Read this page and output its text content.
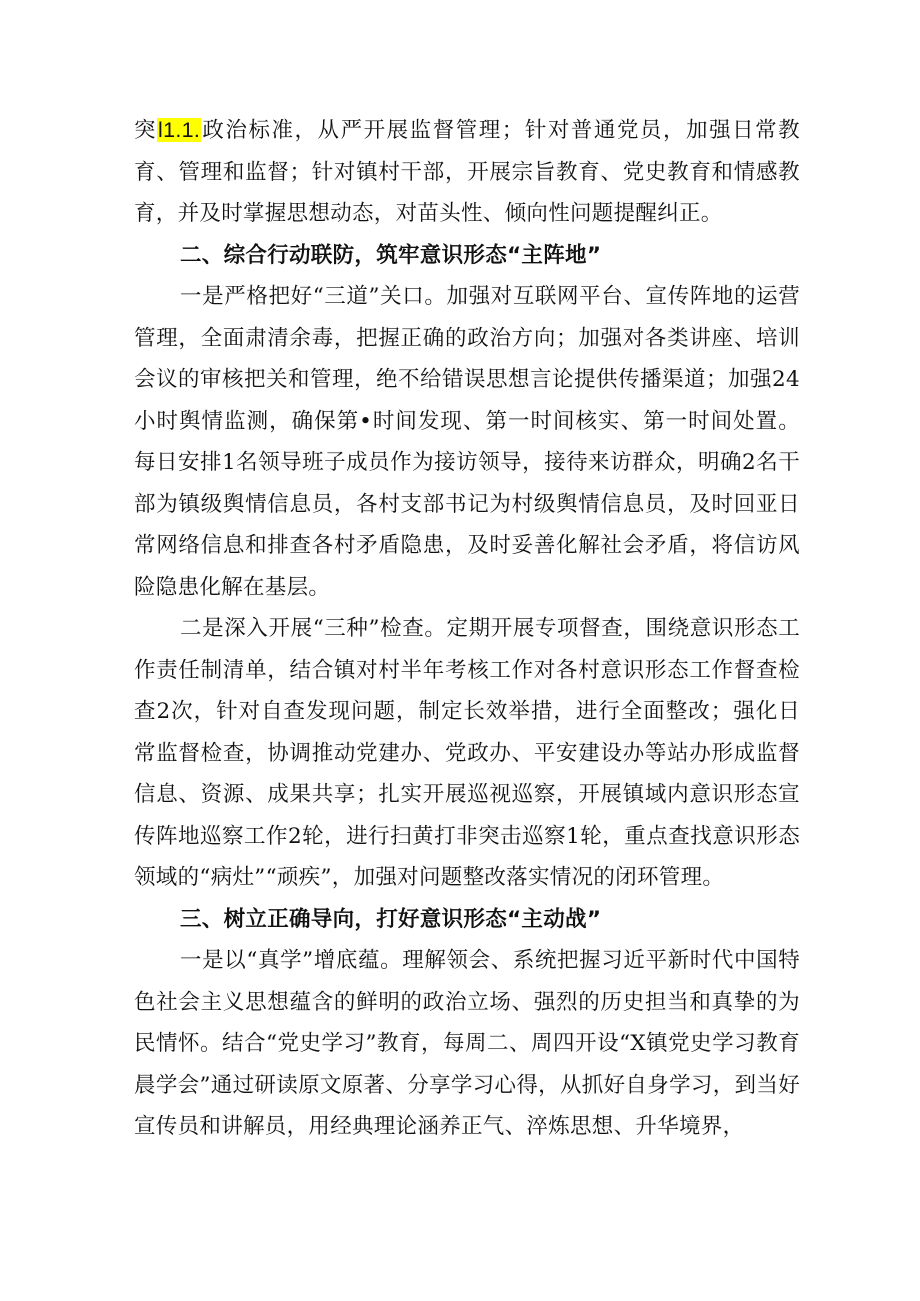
突l1.1.政治标准，从严开展监督管理；针对普通党员，加强日常教育、管理和监督；针对镇村干部，开展宗旨教育、党史教育和情感教育，并及时掌握思想动态，对苗头性、倾向性问题提醒纠正。

二、综合行动联防，筑牢意识形态“主阵地”

一是严格把好“三道”关口。加强对互联网平台、宣传阵地的运营管理，全面肃清余毒，把握正确的政治方向；加强对各类讲座、培训会议的审核把关和管理，绝不给错误思想言论提供传播渠道；加强24小时舆情监测，确保第•时间发现、第一时间核实、第一时间处置。每日安排1名领导班子成员作为接访领导，接待来访群众，明确2名干部为镇级舆情信息员，各村支部书记为村级舆情信息员，及时回亚日常网络信息和排查各村矛盾隐患，及时妥善化解社会矛盾，将信访风险隐患化解在基层。

二是深入开展“三种”检查。定期开展专项督查，围绕意识形态工作责任制清单，结合镇对村半年考核工作对各村意识形态工作督查检查2次，针对自查发现问题，制定长效举措，进行全面整改；强化日常监督检查，协调推动党建办、党政办、平安建设办等站办形成监督信息、资源、成果共享；扎实开展巡视巡察，开展镇域内意识形态宣传阵地巡察工作2轮，进行扫黄打非突击巡察1轮，重点查找意识形态领域的“病灶”“顽疾”，加强对问题整改落实情况的闭环管理。

三、树立正确导向，打好意识形态“主动战”

一是以“真学”增底蕴。理解领会、系统把握习近平新时代中国特色社会主义思想蕴含的鲜明的政治立场、强烈的历史担当和真挚的为民情怀。结合“党史学习”教育，每周二、周四开设“X镇党史学习教育晨学会”通过研读原文原著、分享学习心得，从抓好自身学习，到当好宣传员和讲解员，用经典理论涵养正气、淬炼思想、升华境界，
